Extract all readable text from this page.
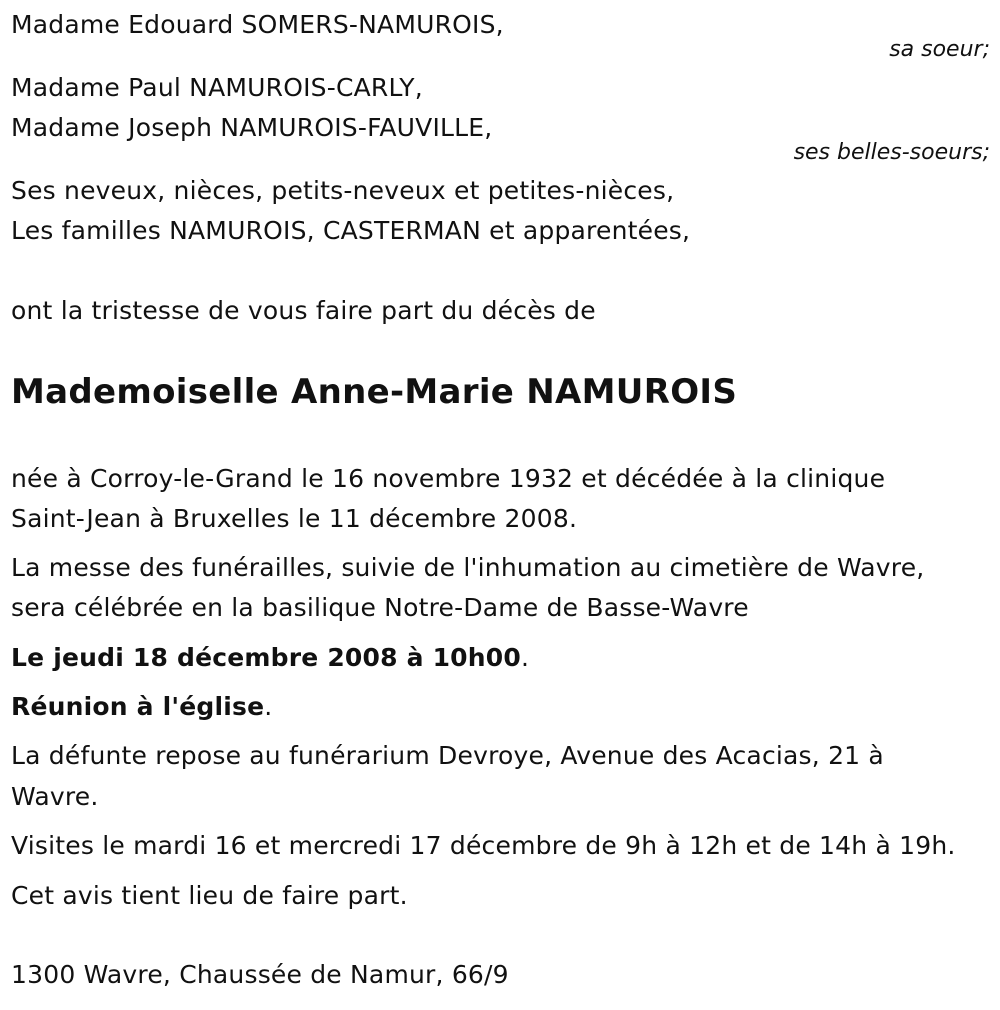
Madame Edouard SOMERS-NAMUROIS,

sa soeur;

Madame Paul NAMUROIS-CARLY,

Madame Joseph NAMUROIS-FAUVILLE,

ses belles-soeurs;

Ses neveux, nièces, petits-neveux et petites-nièces,

Les familles NAMUROIS, CASTERMAN et apparentées,

ont la tristesse de vous faire part du décès de

Mademoiselle Anne-Marie NAMUROIS

née à Corroy-le-Grand le 16 novembre 1932 et décédée à la clinique

Saint-Jean à Bruxelles le 11 décembre 2008.

La messe des funérailles, suivie de l'inhumation au cimetière de Wavre,

sera célébrée en la basilique Notre-Dame de Basse-Wavre

Le jeudi 18 décembre 2008 à 10h00.

Réunion à l'église.

La défunte repose au funérarium Devroye, Avenue des Acacias, 21 à

Wavre.

Visites le mardi 16 et mercredi 17 décembre de 9h à 12h et de 14h à 19h.

Cet avis tient lieu de faire part.

1300 Wavre, Chaussée de Namur, 66/9
